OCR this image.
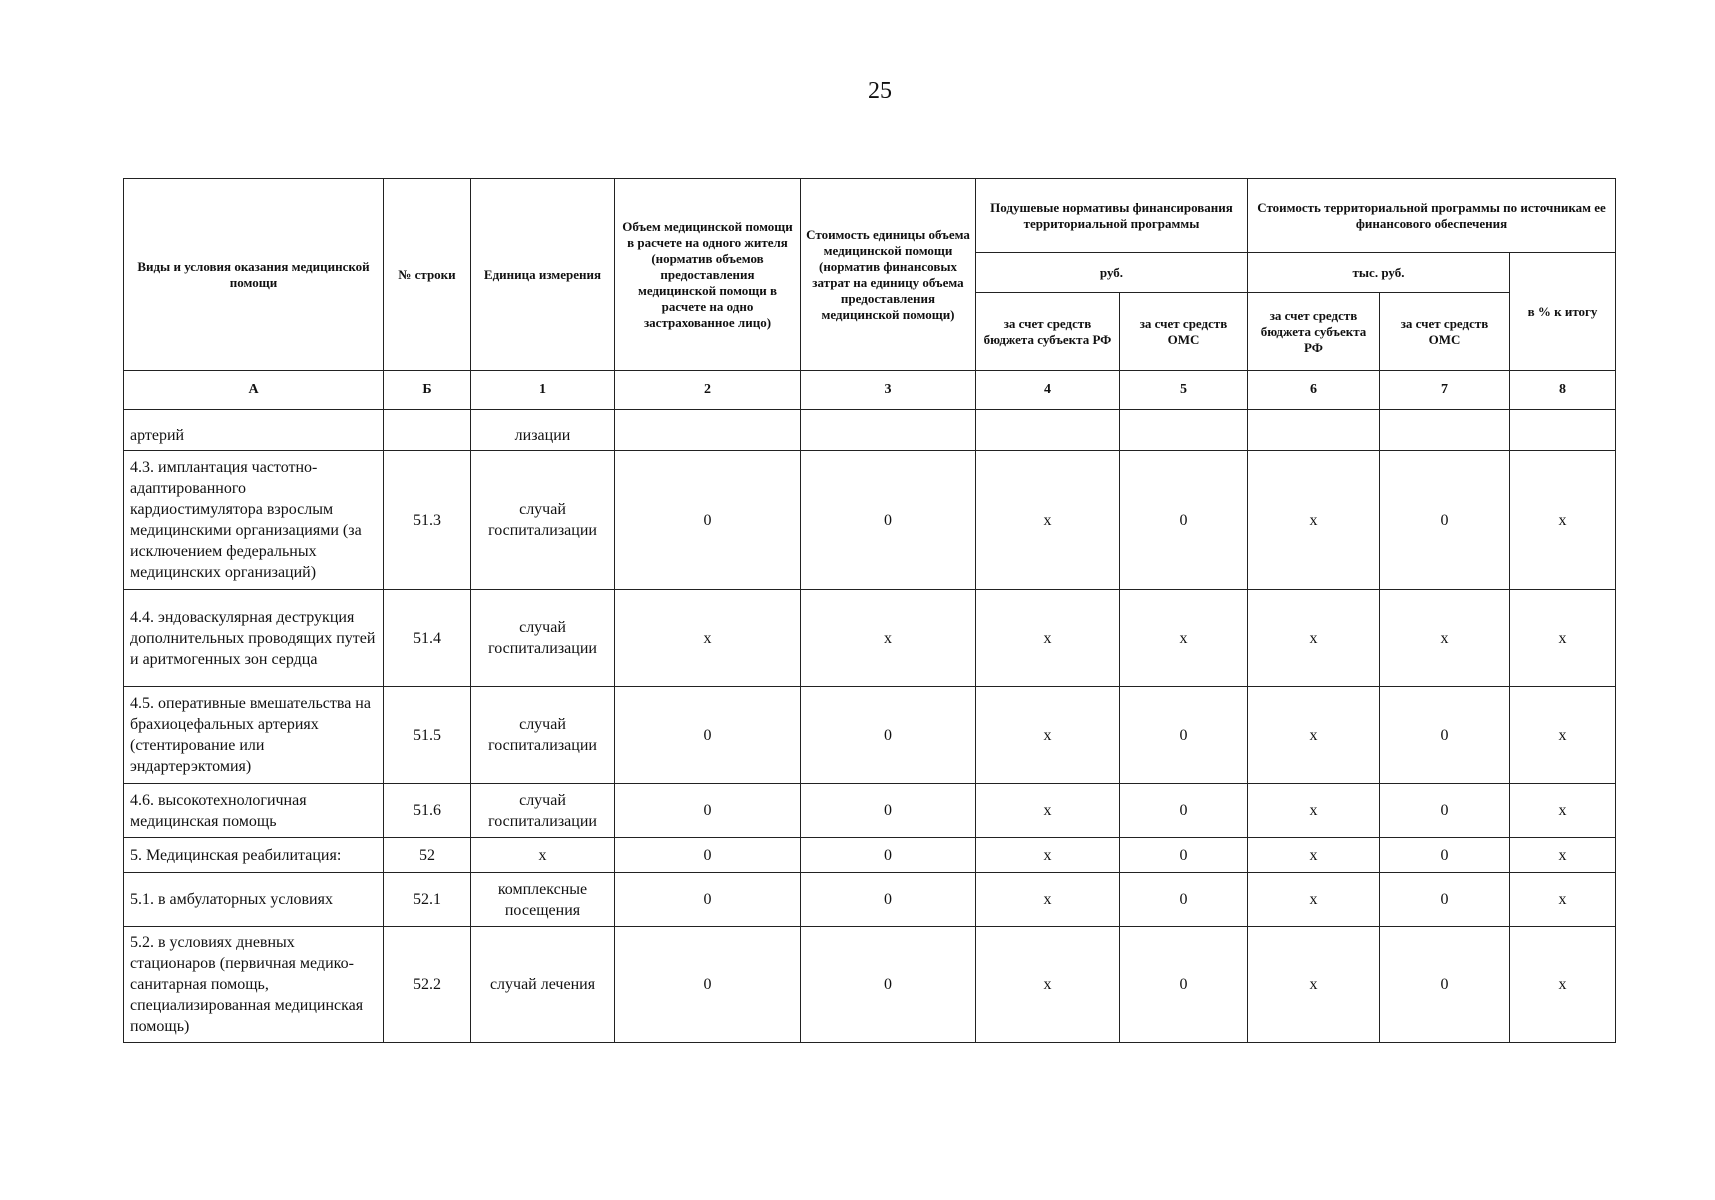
25
Виды и условия оказания медицинской помощи	№ строки	Единица измерения	Объем медицинской помощи в расчете на одного жителя (норматив объемов предоставления медицинской помощи в расчете на одно застрахованное лицо)	Стоимость единицы объема медицинской помощи (норматив финансовых затрат на единицу объема предоставления медицинской помощи)	Подушевые нормативы финансирования территориальной программы		Стоимость территориальной программы по источникам ее финансового обеспечения		
					руб.		тыс. руб.		в % к итогу
					за счет средств бюджета субъекта РФ	за счет средств ОМС	за счет средств бюджета субъекта РФ	за счет средств ОМС	
А	Б	1	2	3	4	5	6	7	8
артерий		лизации							
4.3. имплантация частотно-адаптированного кардиостимулятора взрослым медицинскими организациями (за исключением федеральных медицинских организаций)	51.3	случай госпитализации	0	0	x	0	x	0	x
4.4. эндоваскулярная деструкция дополнительных проводящих путей и аритмогенных зон сердца	51.4	случай госпитализации	x	x	x	x	x	x	x
4.5. оперативные вмешательства на брахиоцефальных артериях (стентирование или эндартерэктомия)	51.5	случай госпитализации	0	0	x	0	x	0	x
4.6. высокотехнологичная медицинская помощь	51.6	случай госпитализации	0	0	x	0	x	0	x
5. Медицинская реабилитация:	52	x	0	0	x	0	x	0	x
5.1. в амбулаторных условиях	52.1	комплексные посещения	0	0	x	0	x	0	x
5.2. в условиях дневных стационаров (первичная медико-санитарная помощь, специализированная медицинская помощь)	52.2	случай лечения	0	0	x	0	x	0	x
